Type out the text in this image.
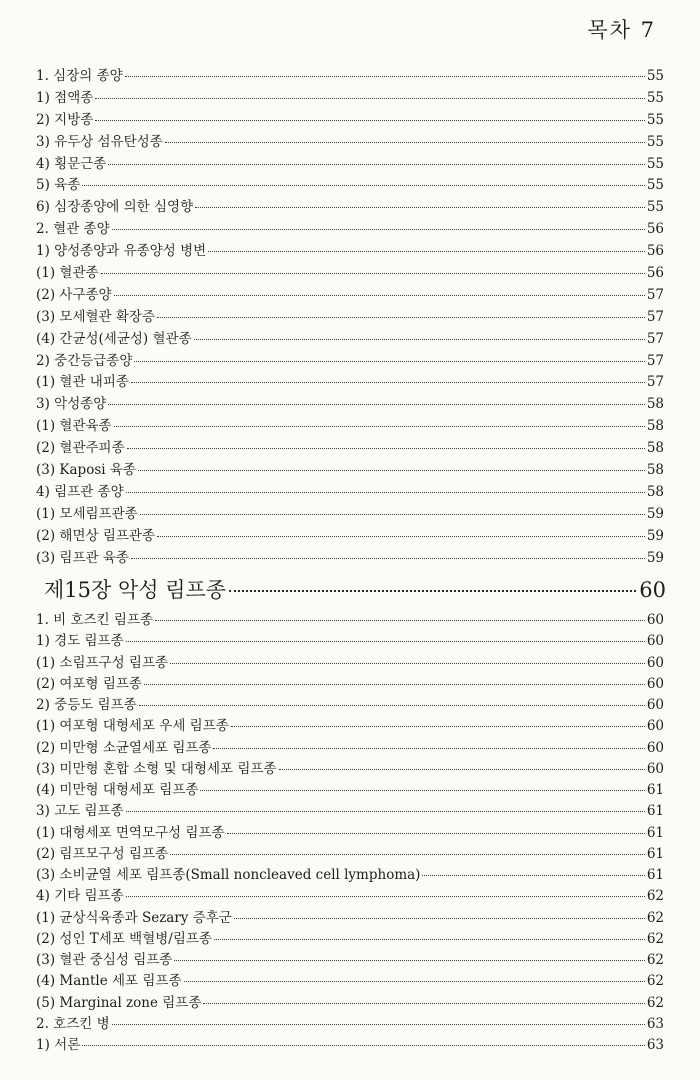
목차 7
1. 심장의 종양	55
1) 점액종	55
2) 지방종	55
3) 유두상 섬유탄성종	55
4) 횡문근종	55
5) 육종	55
6) 심장종양에 의한 심영향	55
2. 혈관 종양	56
1) 양성종양과 유종양성 병변	56
(1) 혈관종	56
(2) 사구종양	57
(3) 모세혈관 확장증	57
(4) 간균성(세균성) 혈관종	57
2) 중간등급종양	57
(1) 혈관 내피종	57
3) 악성종양	58
(1) 혈관육종	58
(2) 혈관주피종	58
(3) Kaposi 육종	58
4) 림프관 종양	58
(1) 모세림프관종	59
(2) 해면상 림프관종	59
(3) 림프관 육종	59
제15장 악성 림프종	60
1. 비 호즈킨 림프종	60
1) 경도 림프종	60
(1) 소림프구성 림프종	60
(2) 여포형 림프종	60
2) 중등도 림프종	60
(1) 여포형 대형세포 우세 림프종	60
(2) 미만형 소균열세포 림프종	60
(3) 미만형 혼합 소형 및 대형세포 림프종	60
(4) 미만형 대형세포 림프종	61
3) 고도 림프종	61
(1) 대형세포 면역모구성 림프종	61
(2) 림프모구성 림프종	61
(3) 소비균열 세포 림프종(Small noncleaved cell lymphoma)	61
4) 기타 림프종	62
(1) 균상식육종과 Sezary 증후군	62
(2) 성인 T세포 백혈병/림프종	62
(3) 혈관 중심성 림프종	62
(4) Mantle 세포 림프종	62
(5) Marginal zone 림프종	62
2. 호즈킨 병	63
1) 서론	63
